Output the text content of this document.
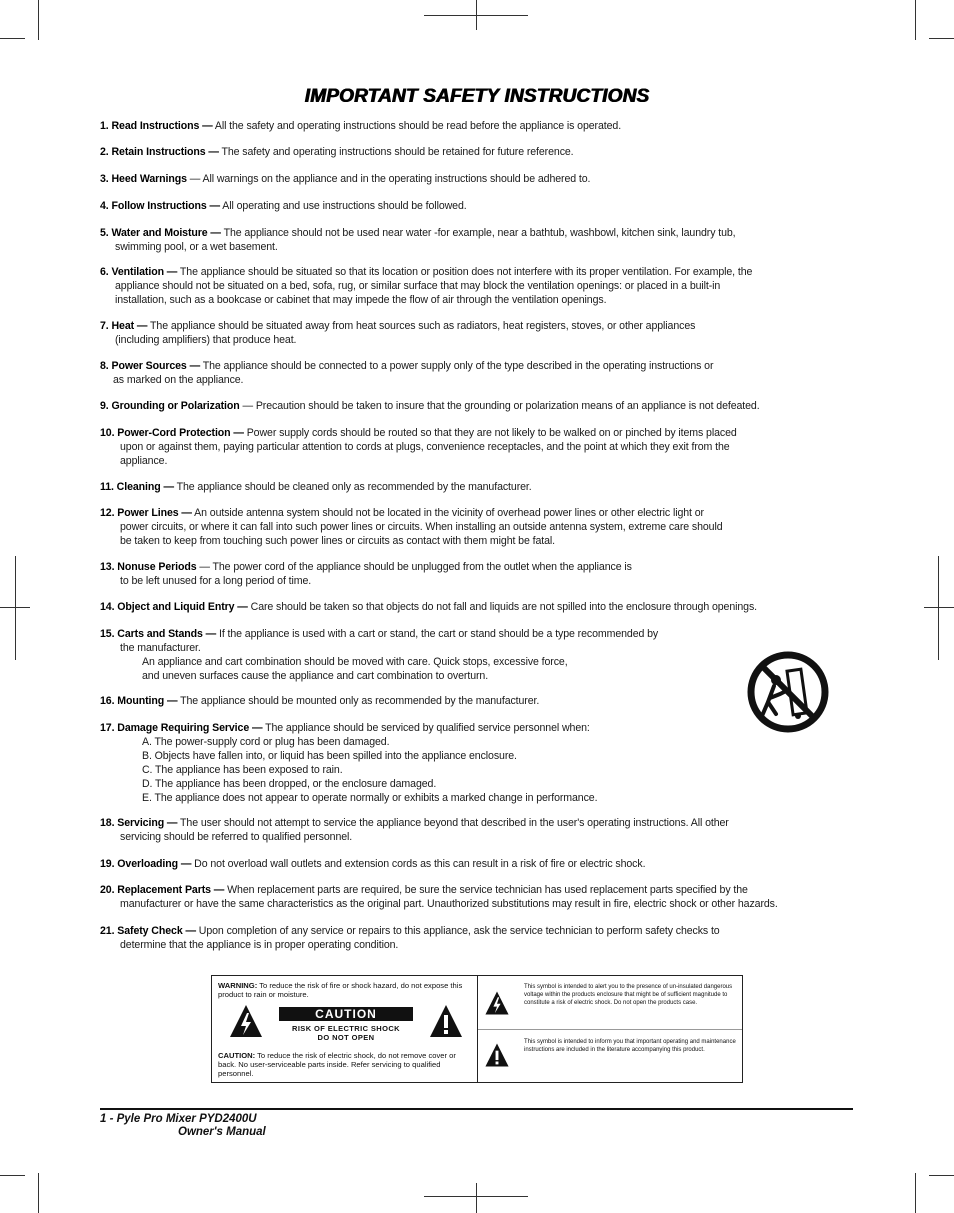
IMPORTANT SAFETY INSTRUCTIONS
1. Read Instructions — All the safety and operating instructions should be read before the appliance is operated.
2. Retain Instructions — The safety and operating instructions should be retained for future reference.
3. Heed Warnings — All warnings on the appliance and in the operating instructions should be adhered to.
4. Follow Instructions — All operating and use instructions should be followed.
5. Water and Moisture — The appliance should not be used near water -for example, near a bathtub, washbowl, kitchen sink, laundry tub,
swimming pool, or a wet basement.
6. Ventilation — The appliance should be situated so that its location or position does not interfere with its proper ventilation. For example, the
appliance should not be situated on a bed, sofa, rug, or similar surface that may block the ventilation openings: or placed in a built-in
installation, such as a bookcase or cabinet that may impede the flow of air through the ventilation openings.
7. Heat — The appliance should be situated away from heat sources such as radiators, heat registers, stoves, or other appliances
(including amplifiers) that produce heat.
8. Power Sources — The appliance should be connected to a power supply only of the type described in the operating instructions or
as marked on the appliance.
9. Grounding or Polarization — Precaution should be taken to insure that the grounding or polarization means of an appliance is not defeated.
10. Power-Cord Protection — Power supply cords should be routed so that they are not likely to be walked on or pinched by items placed
upon or against them, paying particular attention to cords at plugs, convenience receptacles, and the point at which they exit from the
appliance.
11. Cleaning — The appliance should be cleaned only as recommended by the manufacturer.
12. Power Lines — An outside antenna system should not be located in the vicinity of overhead power lines or other electric light or
power circuits, or where it can fall into such power lines or circuits. When installing an outside antenna system, extreme care should
be taken to keep from touching such power lines or circuits as contact with them might be fatal.
13. Nonuse Periods — The power cord of the appliance should be unplugged from the outlet when the appliance is
to be left unused for a long period of time.
14. Object and Liquid Entry — Care should be taken so that objects do not fall and liquids are not spilled into the enclosure through openings.
15. Carts and Stands — If the appliance is used with a cart or stand, the cart or stand should be a type recommended by
the manufacturer.
An appliance and cart combination should be moved with care. Quick stops, excessive force,
and uneven surfaces cause the appliance and cart combination to overturn.
16. Mounting — The appliance should be mounted only as recommended by the manufacturer.
17. Damage Requiring Service — The appliance should be serviced by qualified service personnel when:
A. The power-supply cord or plug has been damaged.
B. Objects have fallen into, or liquid has been spilled into the appliance enclosure.
C. The appliance has been exposed to rain.
D. The appliance has been dropped, or the enclosure damaged.
E. The appliance does not appear to operate normally or exhibits a marked change in performance.
18. Servicing — The user should not attempt to service the appliance beyond that described in the user's operating instructions. All other
servicing should be referred to qualified personnel.
19. Overloading — Do not overload wall outlets and extension cords as this can result in a risk of fire or electric shock.
20. Replacement Parts — When replacement parts are required, be sure the service technician has used replacement parts specified by the
manufacturer or have the same characteristics as the original part. Unauthorized substitutions may result in fire, electric shock or other hazards.
21. Safety Check — Upon completion of any service or repairs to this appliance, ask the service technician to perform safety checks to
determine that the appliance is in proper operating condition.
WARNING: To reduce the risk of fire or shock hazard, do not expose this product to rain or moisture.
CAUTION
RISK OF ELECTRIC SHOCK
DO NOT OPEN
CAUTION: To reduce the risk of electric shock, do not remove cover or back. No user-serviceable parts inside. Refer servicing to qualified personnel.
This symbol is intended to alert you to the presence of un-insulated dangerous voltage within the products enclosure that might be of sufficient magnitude to constitute a risk of electric shock. Do not open the products case.
This symbol is intended to inform you that important operating and maintenance instructions are included in the literature accompanying this product.
1 - Pyle Pro Mixer PYD2400U
Owner's Manual
